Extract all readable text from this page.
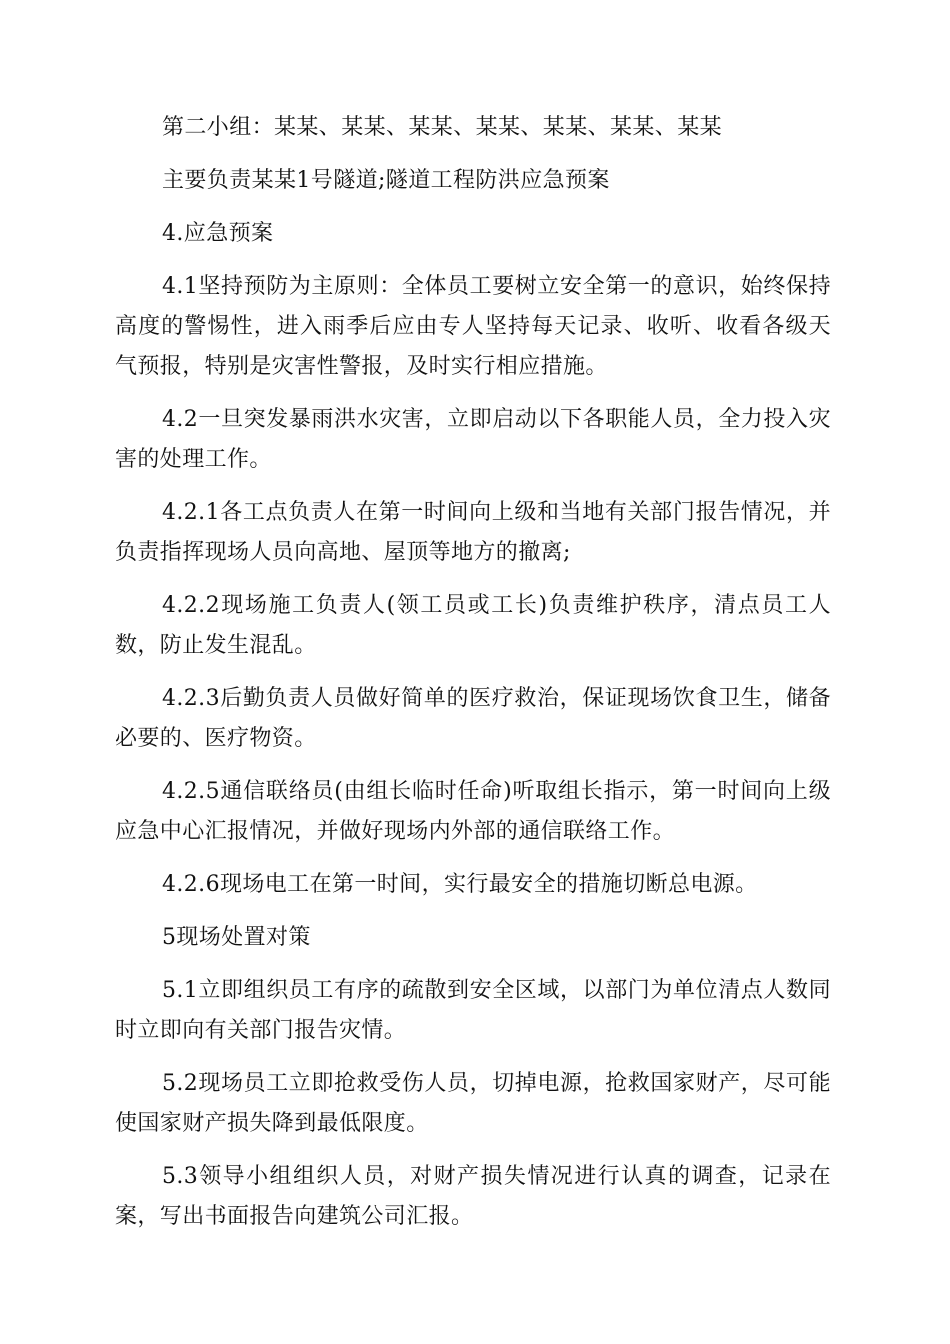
第二小组：某某、某某、某某、某某、某某、某某、某某

主要负责某某1号隧道;隧道工程防洪应急预案

4.应急预案

4.1坚持预防为主原则：全体员工要树立安全第一的意识，始终保持高度的警惕性，进入雨季后应由专人坚持每天记录、收听、收看各级天气预报，特别是灾害性警报，及时实行相应措施。

4.2一旦突发暴雨洪水灾害，立即启动以下各职能人员，全力投入灾害的处理工作。

4.2.1各工点负责人在第一时间向上级和当地有关部门报告情况，并负责指挥现场人员向高地、屋顶等地方的撤离;

4.2.2现场施工负责人(领工员或工长)负责维护秩序，清点员工人数，防止发生混乱。

4.2.3后勤负责人员做好简单的医疗救治，保证现场饮食卫生，储备必要的、医疗物资。

4.2.5通信联络员(由组长临时任命)听取组长指示，第一时间向上级应急中心汇报情况，并做好现场内外部的通信联络工作。

4.2.6现场电工在第一时间，实行最安全的措施切断总电源。

5现场处置对策

5.1立即组织员工有序的疏散到安全区域，以部门为单位清点人数同时立即向有关部门报告灾情。

5.2现场员工立即抢救受伤人员，切掉电源，抢救国家财产，尽可能使国家财产损失降到最低限度。

5.3领导小组组织人员，对财产损失情况进行认真的调查，记录在案，写出书面报告向建筑公司汇报。
